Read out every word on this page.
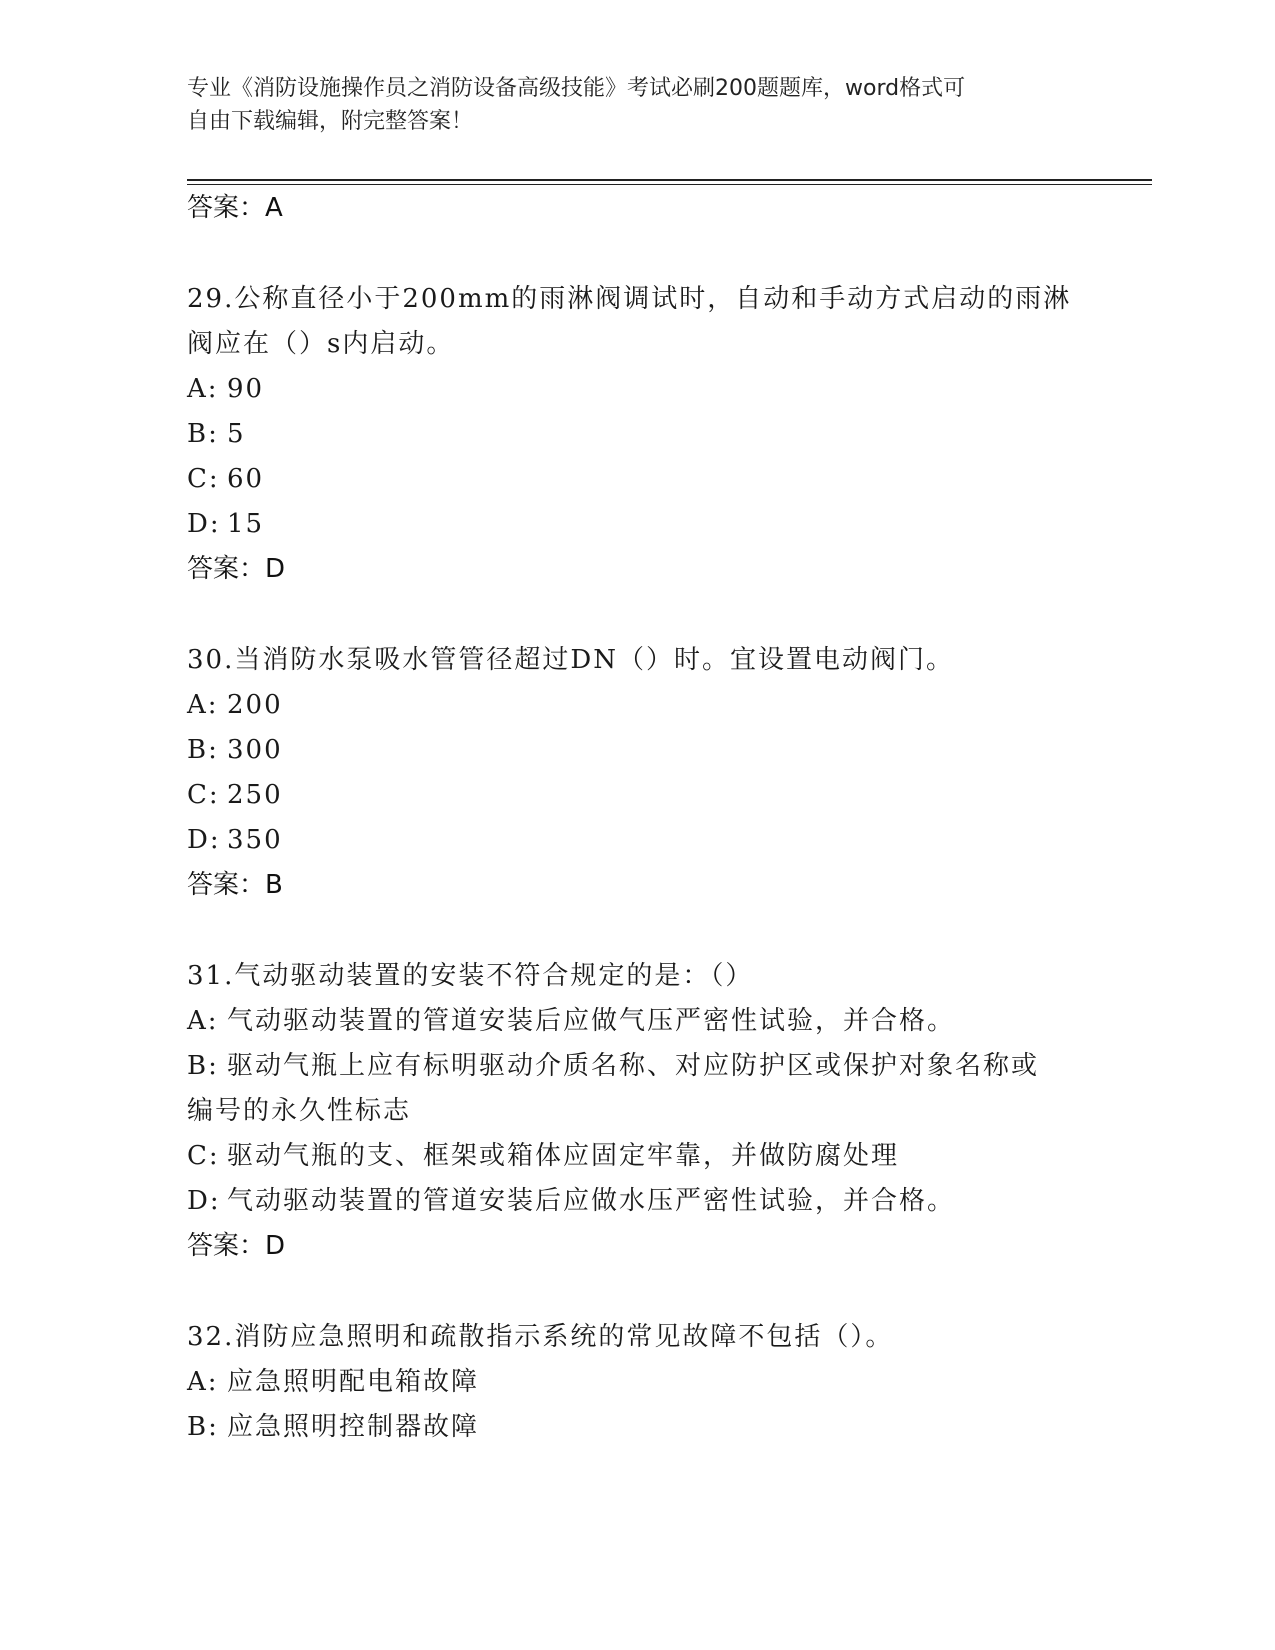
专业《消防设施操作员之消防设备高级技能》考试必刷200题题库，word格式可
自由下载编辑，附完整答案！
答案：A
29.公称直径小于200mm的雨淋阀调试时，自动和手动方式启动的雨淋
阀应在（）s内启动。
A: 90
B: 5
C: 60
D: 15
答案：D
30.当消防水泵吸水管管径超过DN（）时。宜设置电动阀门。
A: 200
B: 300
C: 250
D: 350
答案：B
31.气动驱动装置的安装不符合规定的是：（）
A: 气动驱动装置的管道安装后应做气压严密性试验，并合格。
B: 驱动气瓶上应有标明驱动介质名称、对应防护区或保护对象名称或
编号的永久性标志
C: 驱动气瓶的支、框架或箱体应固定牢靠，并做防腐处理
D: 气动驱动装置的管道安装后应做水压严密性试验，并合格。
答案：D
32.消防应急照明和疏散指示系统的常见故障不包括（）。
A: 应急照明配电箱故障
B: 应急照明控制器故障
